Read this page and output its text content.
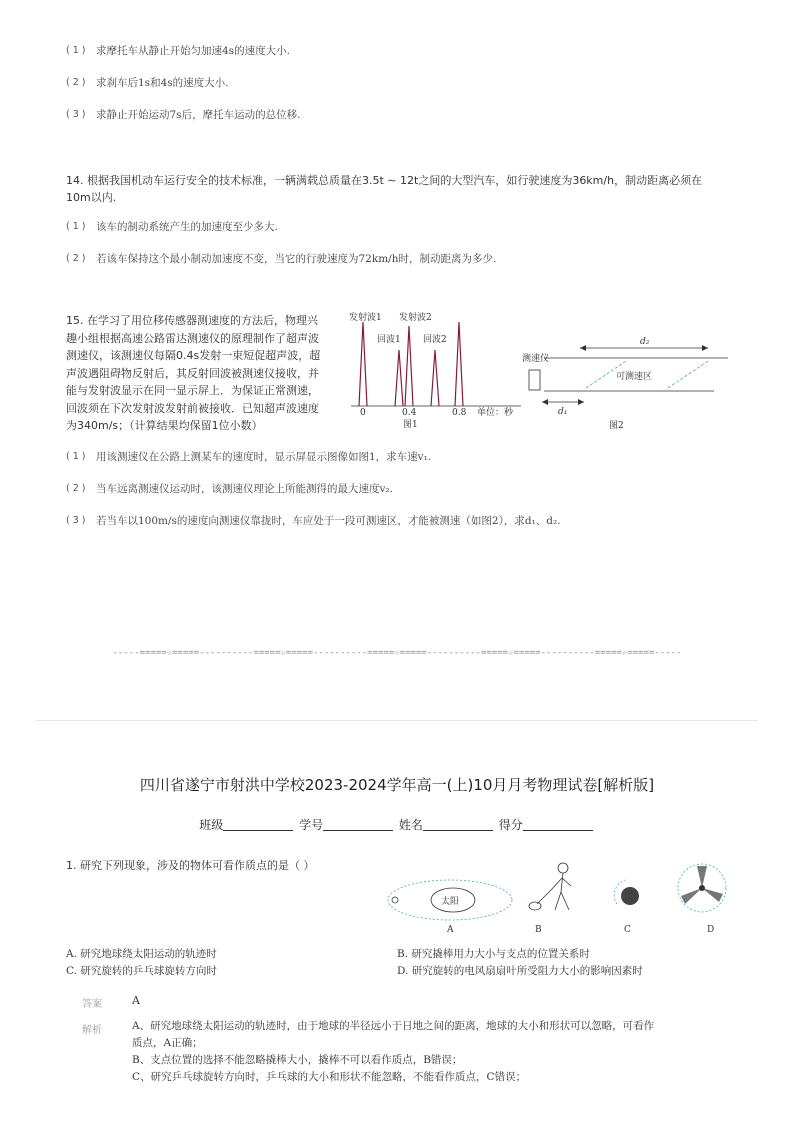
( 1 ) 求摩托车从静止开始匀加速4s的速度大小.
( 2 ) 求刹车后1s和4s的速度大小.
( 3 ) 求静止开始运动7s后，摩托车运动的总位移.
14. 根据我国机动车运行安全的技术标准，一辆满载总质量在3.5t ∼ 12t之间的大型汽车，如行驶速度为36km/h，制动距离必须在
10m以内.
( 1 ) 该车的制动系统产生的加速度至少多大.
( 2 ) 若该车保持这个最小制动加速度不变，当它的行驶速度为72km/h时，制动距离为多少.
15. 在学习了用位移传感器测速度的方法后，物理兴
趣小组根据高速公路雷达测速仪的原理制作了超声波
测速仪，该测速仪每隔0.4s发射一束短促超声波，超
声波遇阻碍物反射后，其反射回波被测速仪接收，并
能与发射波显示在同一显示屏上．为保证正常测速，
回波须在下次发射波发射前被接收．已知超声波速度
为340m/s；（计算结果均保留1位小数）
发射波1 发射波2
回波1 回波2
0	0.4	0.8 单位：秒
图1
测速仪
d₂
可测速区
d₁
图2
( 1 ) 用该测速仪在公路上测某车的速度时，显示屏显示图像如图1，求车速v₁.
( 2 ) 当车远离测速仪运动时，该测速仪理论上所能测得的最大速度v₂.
( 3 ) 若当车以100m/s的速度向测速仪靠拢时，车应处于一段可测速区，才能被测速（如图2），求d₁、d₂.
-----=====☆=====----------=====☆=====----------=====☆=====----------=====☆=====----------=====☆=====-----
四川省遂宁市射洪中学校2023-2024学年高一(上)10月月考物理试卷[解析版]
班级	学号	姓名	得分
1. 研究下列现象，涉及的物体可看作质点的是（ ）
太阳
A	B	C	D
A. 研究地球绕太阳运动的轨迹时	B. 研究撬棒用力大小与支点的位置关系时
C. 研究旋转的乒乓球旋转方向时	D. 研究旋转的电风扇扇叶所受阻力大小的影响因素时
答案	A
解析	A、研究地球绕太阳运动的轨迹时，由于地球的半径远小于日地之间的距离，地球的大小和形状可以忽略，可看作
质点，A正确；
B、支点位置的选择不能忽略撬棒大小，撬棒不可以看作质点，B错误；
C、研究乒乓球旋转方向时，乒乓球的大小和形状不能忽略，不能看作质点，C错误；
